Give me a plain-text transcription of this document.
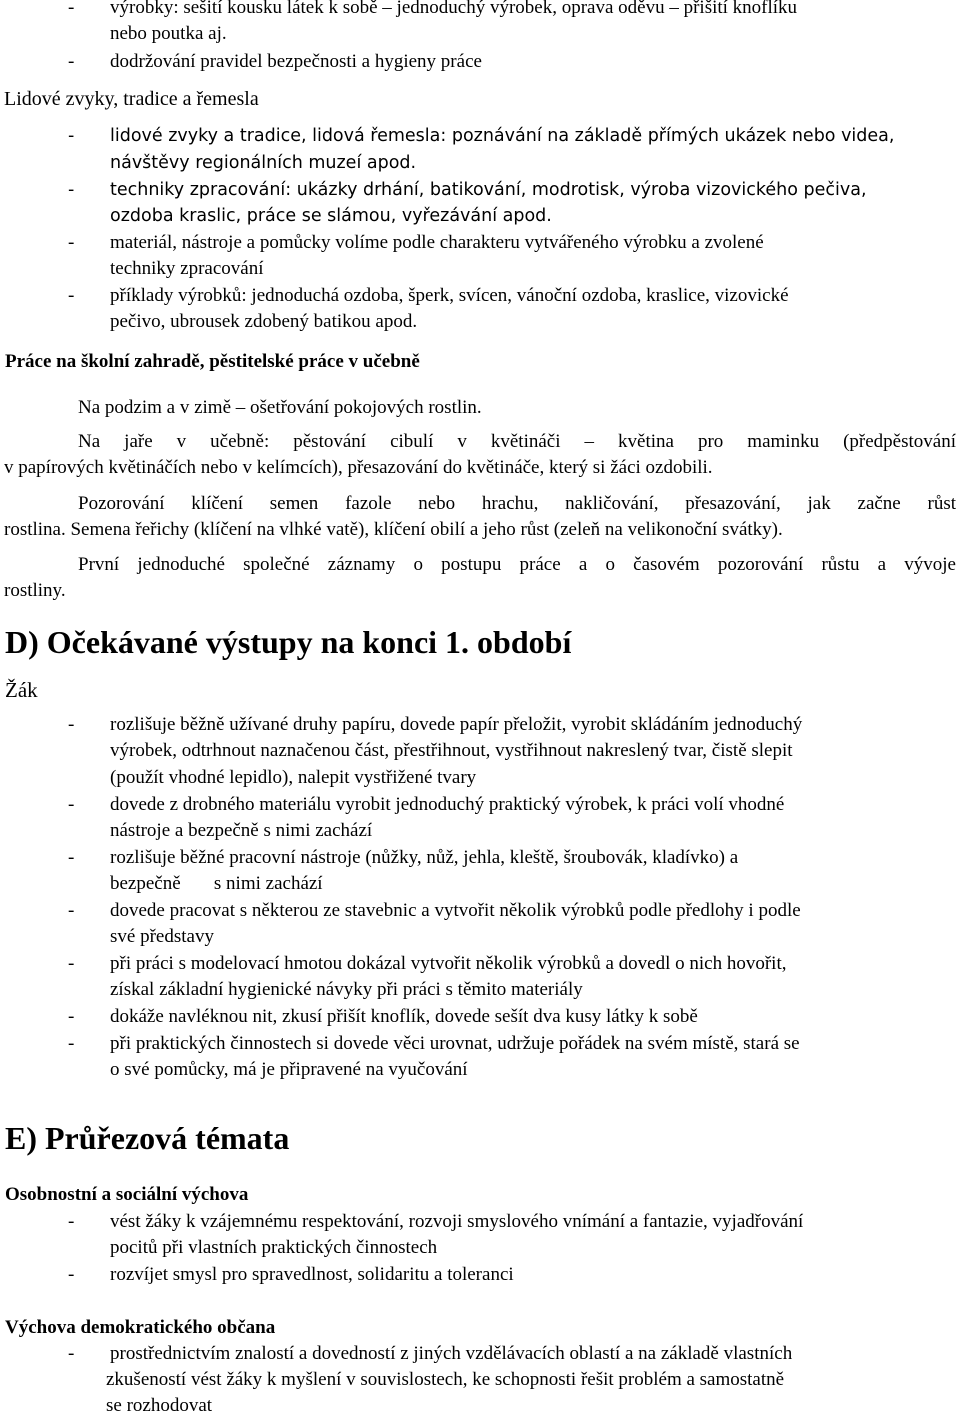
-	výrobky: sešití kousku látek k sobě – jednoduchý výrobek, oprava oděvu – přišití knoflíku
nebo poutka aj.
-	dodržování pravidel bezpečnosti a hygieny práce
Lidové zvyky, tradice a řemesla
-	lidové zvyky a tradice, lidová řemesla: poznávání na základě přímých ukázek nebo videa,
návštěvy regionálních muzeí apod.
-	techniky zpracování: ukázky drhání, batikování, modrotisk, výroba vizovického pečiva,
ozdoba kraslic, práce se slámou, vyřezávání apod.
-	materiál, nástroje a pomůcky volíme podle charakteru vytvářeného výrobku a zvolené
techniky zpracování
-	příklady výrobků: jednoduchá ozdoba, šperk, svícen, vánoční ozdoba, kraslice, vizovické
pečivo, ubrousek zdobený batikou apod.
Práce na školní zahradě, pěstitelské práce v učebně
Na podzim a v zimě – ošetřování pokojových rostlin.
Na jaře v učebně: pěstování cibulí v květináči – květina pro maminku (předpěstování
v papírových květináčích nebo v kelímcích), přesazování do květináče, který si žáci ozdobili.
Pozorování klíčení semen fazole nebo hrachu, nakličování, přesazování, jak začne růst
rostlina. Semena řeřichy (klíčení na vlhké vatě), klíčení obilí a jeho růst (zeleň na velikonoční svátky).
První jednoduché společné záznamy o postupu práce a o časovém pozorování růstu a vývoje
rostliny.
D) Očekávané výstupy na konci 1. období
Žák
-	rozlišuje běžně užívané druhy papíru, dovede papír přeložit, vyrobit skládáním jednoduchý
výrobek, odtrhnout naznačenou část, přestřihnout, vystřihnout nakreslený tvar, čistě slepit
(použít vhodné lepidlo), nalepit vystřižené tvary
-	dovede z drobného materiálu vyrobit jednoduchý praktický výrobek, k práci volí vhodné
nástroje a bezpečně s nimi zachází
-	rozlišuje běžné pracovní nástroje (nůžky, nůž, jehla, kleště, šroubovák, kladívko) a
bezpečně       s nimi zachází
-	dovede pracovat s některou ze stavebnic a vytvořit několik výrobků podle předlohy i podle
své představy
-	při práci s modelovací hmotou dokázal vytvořit několik výrobků a dovedl o nich hovořit,
získal základní hygienické návyky při práci s těmito materiály
-	dokáže navléknou nit, zkusí přišít knoflík, dovede sešít dva kusy látky k sobě
-	při praktických činnostech si dovede věci urovnat, udržuje pořádek na svém místě, stará se
o své pomůcky, má je připravené na vyučování
E) Průřezová témata
Osobnostní a sociální výchova
-	vést žáky k vzájemnému respektování, rozvoji smyslového vnímání a fantazie, vyjadřování
pocitů při vlastních praktických činnostech
-	rozvíjet smysl pro spravedlnost, solidaritu a toleranci
Výchova demokratického občana
-	prostřednictvím znalostí a dovedností z jiných vzdělávacích oblastí a na základě vlastních
zkušeností vést žáky k myšlení v souvislostech, ke schopnosti řešit problém a samostatně
se rozhodovat
